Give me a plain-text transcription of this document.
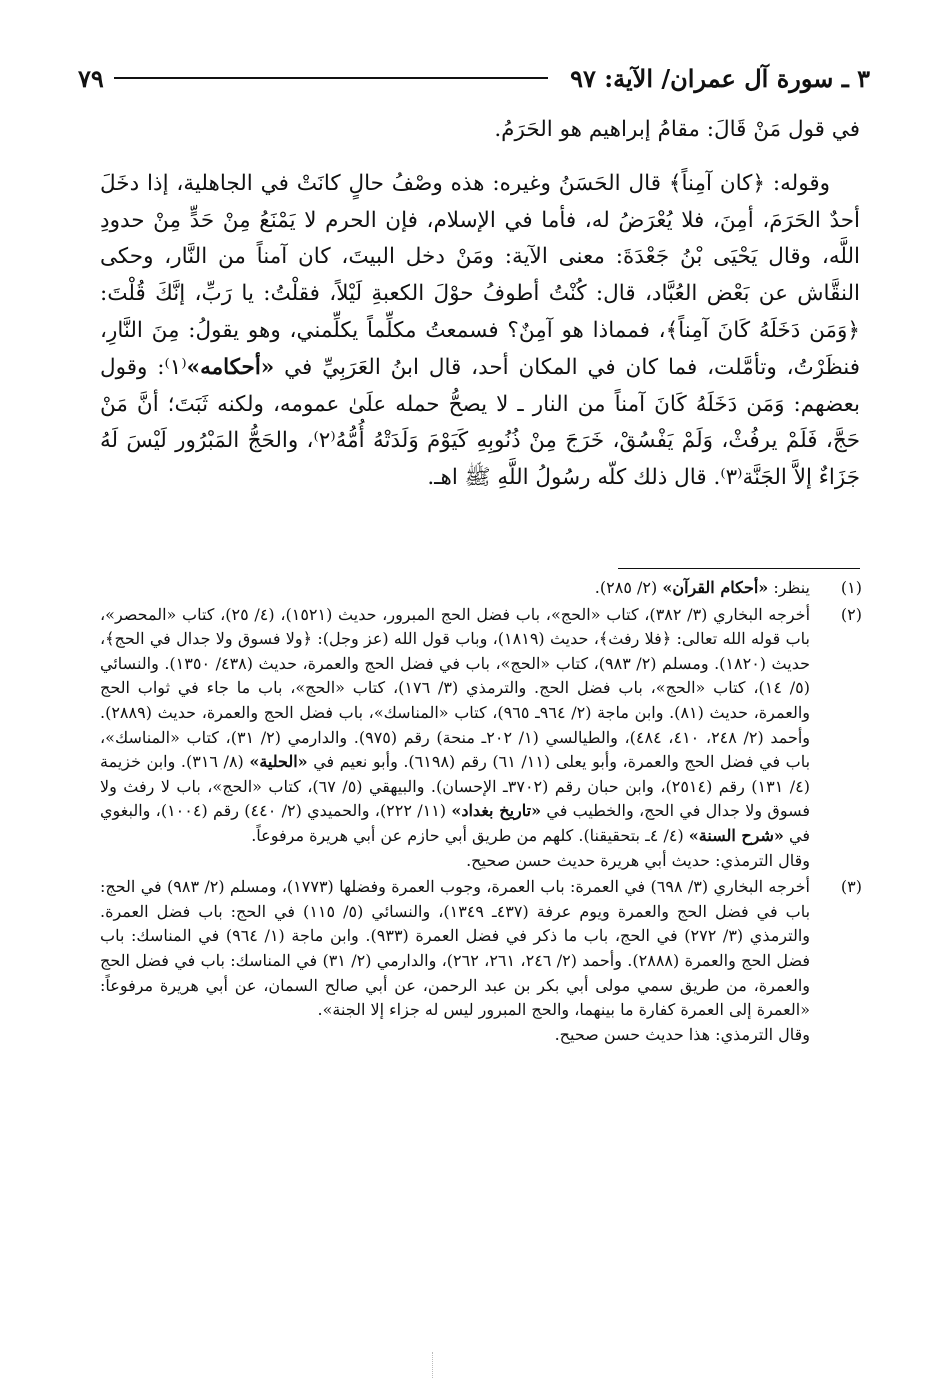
٣ ـ سورة آل عمران/ الآية: ٩٧
٧٩

في قول مَنْ قَالَ: مقامُ إبراهيم هو الحَرَمُ.

وقوله: ﴿كان آمِناً﴾ قال الحَسَنُ وغيره: هذه وصْفُ حالٍ كانَتْ في الجاهلية، إذا دخَلَ أحدٌ الحَرَمَ، أمِنَ، فلا يُعْرَضُ له، فأما في الإسلام، فإن الحرم لا يَمْنَعُ مِنْ حَدٍّ مِنْ حدودِ اللَّه، وقال يَحْيَى بْنُ جَعْدَةَ: معنى الآية: ومَنْ دخل البيتَ، كان آمناً من النَّار، وحكى النقَّاش عن بَعْض العُبَّاد، قال: كُنْتُ أطوفُ حوْلَ الكعبةِ لَيْلاً، فقلْتُ: يا رَبِّ، إنَّكَ قُلْتَ: ﴿وَمَن دَخَلَهُ كَانَ آمِناً﴾، فمماذا هو آمِنٌ؟ فسمعتُ مكلِّماً يكلِّمني، وهو يقولُ: مِنَ النَّارِ، فنظَرْتُ، وتأمَّلت، فما كان في المكان أحد، قال ابنُ العَرَبِيِّ في «أحكامه»⁽١⁾: وقول بعضهم: وَمَن دَخَلَهُ كَانَ آمناً من النار ـ لا يصحُّ حمله علَىٰ عمومه، ولكنه ثَبَتَ؛ أنَّ مَنْ حَجَّ، فَلَمْ يرفُثْ، وَلَمْ يَفْسُقْ، خَرَجَ مِنْ ذُنُوبِهِ كَيَوْمَ وَلَدَتْهُ أُمُّهُ⁽٢⁾، والحَجُّ المَبْرُور لَيْسَ لَهُ جَزَاءٌ إلاَّ الجَنَّة⁽٣⁾. قال ذلك كلّه رسُولُ اللَّهِ ﷺ اهـ.

(١)

ينظر: «أحكام القرآن» (٢/ ٢٨٥).

(٢)

أخرجه البخاري (٣/ ٣٨٢)، كتاب «الحج»، باب فضل الحج المبرور، حديث (١٥٢١)، (٤/ ٢٥)، كتاب «المحصر»، باب قوله الله تعالى: ﴿فلا رفث﴾، حديث (١٨١٩)، وباب قول الله (عز وجل): ﴿ولا فسوق ولا جدال في الحج﴾، حديث (١٨٢٠). ومسلم (٢/ ٩٨٣)، كتاب «الحج»، باب في فضل الحج والعمرة، حديث (٤٣٨/ ١٣٥٠). والنسائي (٥/ ١٤)، كتاب «الحج»، باب فضل الحج. والترمذي (٣/ ١٧٦)، كتاب «الحج»، باب ما جاء في ثواب الحج والعمرة، حديث (٨١). وابن ماجة (٢/ ٩٦٤ـ ٩٦٥)، كتاب «المناسك»، باب فضل الحج والعمرة، حديث (٢٨٨٩). وأحمد (٢/ ٢٤٨، ٤١٠، ٤٨٤)، والطيالسي (١/ ٢٠٢ـ منحة) رقم (٩٧٥). والدارمي (٢/ ٣١)، كتاب «المناسك»، باب في فضل الحج والعمرة، وأبو يعلى (١١/ ٦١) رقم (٦١٩٨). وأبو نعيم في «الحلية» (٨/ ٣١٦). وابن خزيمة (٤/ ١٣١) رقم (٢٥١٤)، وابن حبان رقم (٣٧٠٢ـ الإحسان). والبيهقي (٥/ ٦٧)، كتاب «الحج»، باب لا رفث ولا فسوق ولا جدال في الحج، والخطيب في «تاريخ بغداد» (١١/ ٢٢٢)، والحميدي (٢/ ٤٤٠) رقم (١٠٠٤)، والبغوي في «شرح السنة» (٤/ ٤ـ بتحقيقنا). كلهم من طريق أبي حازم عن أبي هريرة مرفوعاً.

وقال الترمذي: حديث أبي هريرة حديث حسن صحيح.

(٣)

أخرجه البخاري (٣/ ٦٩٨) في العمرة: باب العمرة، وجوب العمرة وفضلها (١٧٧٣)، ومسلم (٢/ ٩٨٣) في الحج: باب في فضل الحج والعمرة ويوم عرفة (٤٣٧ـ ١٣٤٩)، والنسائي (٥/ ١١٥) في الحج: باب فضل العمرة. والترمذي (٣/ ٢٧٢) في الحج، باب ما ذكر في فضل العمرة (٩٣٣). وابن ماجة (١/ ٩٦٤) في المناسك: باب فضل الحج والعمرة (٢٨٨٨). وأحمد (٢/ ٢٤٦، ٢٦١، ٢٦٢)، والدارمي (٢/ ٣١) في المناسك: باب في فضل الحج والعمرة، من طريق سمي مولى أبي بكر بن عبد الرحمن، عن أبي صالح السمان، عن أبي هريرة مرفوعاً: «العمرة إلى العمرة كفارة ما بينهما، والحج المبرور ليس له جزاء إلا الجنة».

وقال الترمذي: هذا حديث حسن صحيح.
